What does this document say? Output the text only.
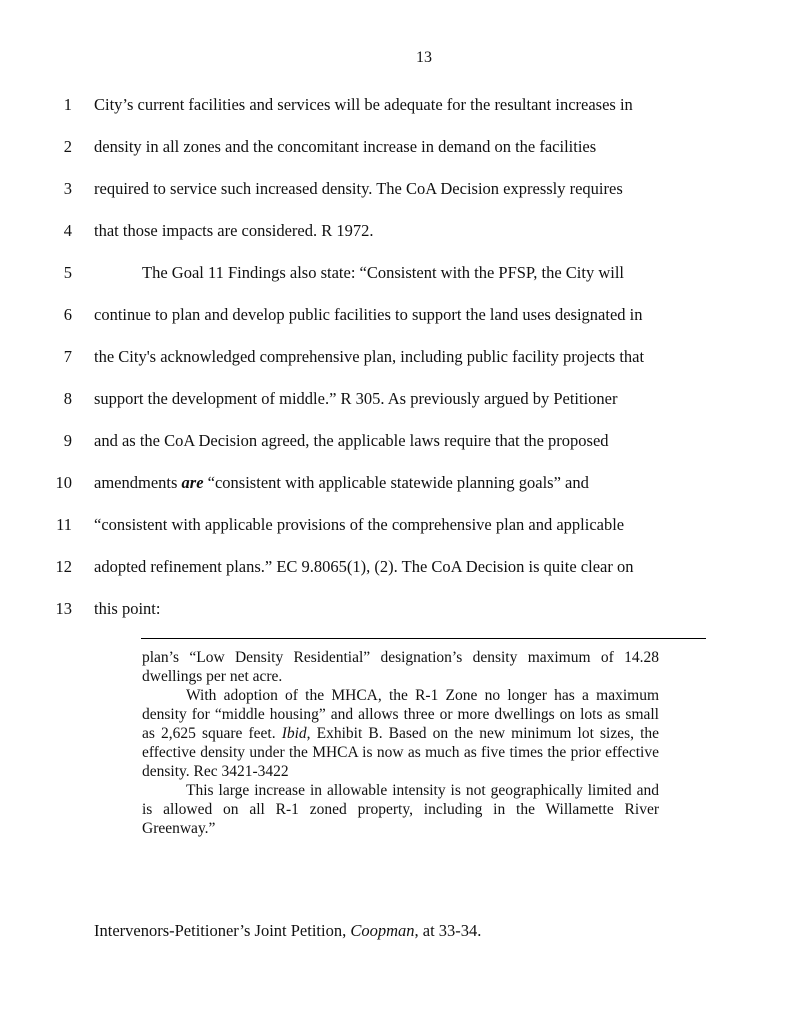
13
1 City’s current facilities and services will be adequate for the resultant increases in
2 density in all zones and the concomitant increase in demand on the facilities
3 required to service such increased density. The CoA Decision expressly requires
4 that those impacts are considered. R 1972.
5	The Goal 11 Findings also state: “Consistent with the PFSP, the City will
6 continue to plan and develop public facilities to support the land uses designated in
7 the City's acknowledged comprehensive plan, including public facility projects that
8 support the development of middle.” R 305. As previously argued by Petitioner
9 and as the CoA Decision agreed, the applicable laws require that the proposed
10 amendments are “consistent with applicable statewide planning goals” and
11 “consistent with applicable provisions of the comprehensive plan and applicable
12 adopted refinement plans.” EC 9.8065(1), (2). The CoA Decision is quite clear on
13 this point:

plan’s “Low Density Residential” designation’s density maximum of 14.28 dwellings per net acre.

With adoption of the MHCA, the R-1 Zone no longer has a maximum density for “middle housing” and allows three or more dwellings on lots as small as 2,625 square feet. Ibid, Exhibit B. Based on the new minimum lot sizes, the effective density under the MHCA is now as much as five times the prior effective density. Rec 3421-3422

This large increase in allowable intensity is not geographically limited and is allowed on all R-1 zoned property, including in the Willamette River Greenway.”

Intervenors-Petitioner’s Joint Petition, Coopman, at 33-34.
